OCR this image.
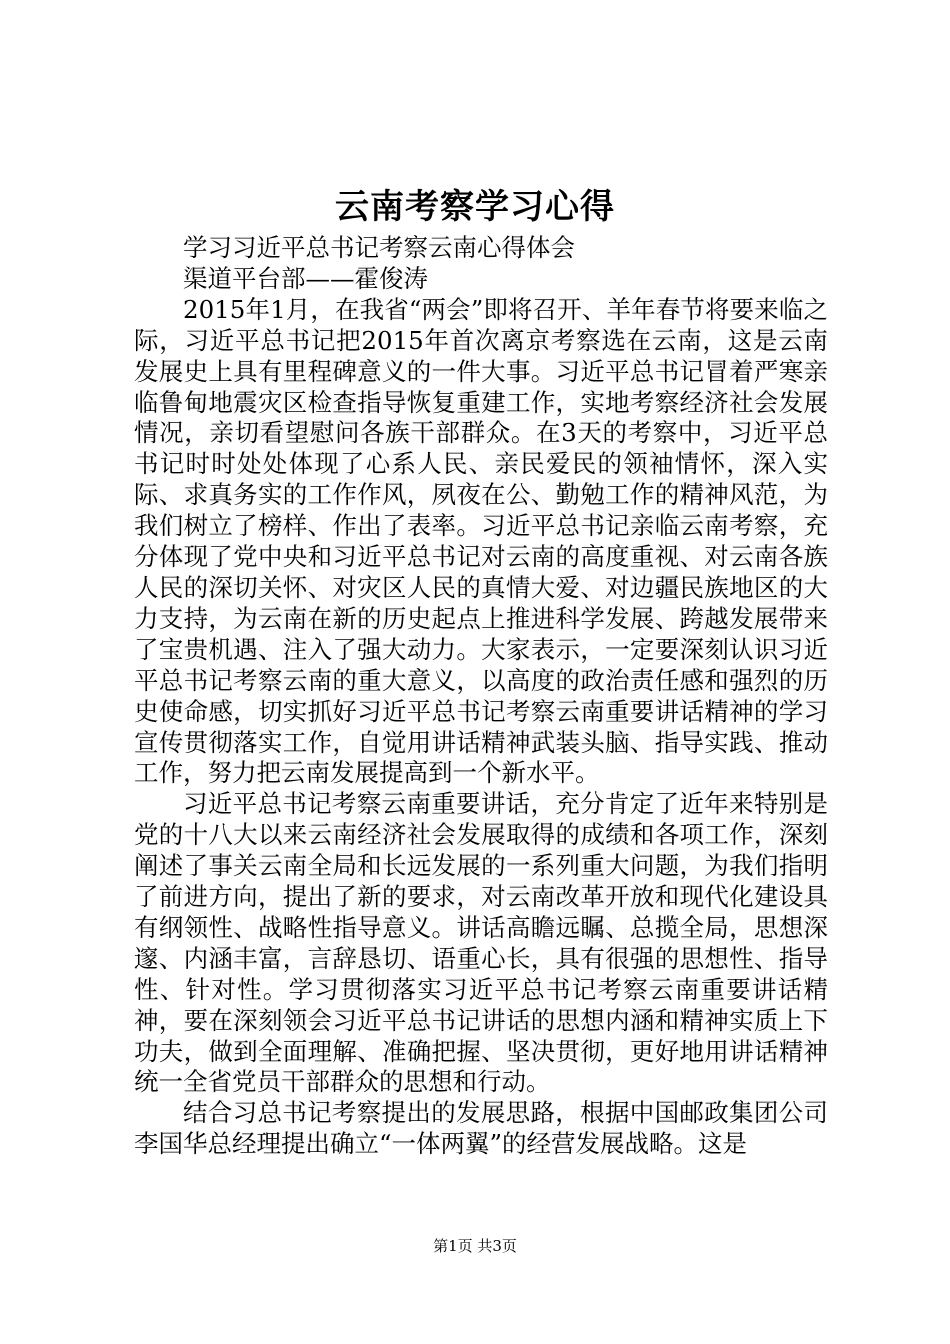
云南考察学习心得

学习习近平总书记考察云南心得体会

渠道平台部——霍俊涛

2015年1月，在我省“两会”即将召开、羊年春节将要来临之际，习近平总书记把2015年首次离京考察选在云南，这是云南发展史上具有里程碑意义的一件大事。习近平总书记冒着严寒亲临鲁甸地震灾区检查指导恢复重建工作，实地考察经济社会发展情况，亲切看望慰问各族干部群众。在3天的考察中，习近平总书记时时处处体现了心系人民、亲民爱民的领袖情怀，深入实际、求真务实的工作作风，夙夜在公、勤勉工作的精神风范，为我们树立了榜样、作出了表率。习近平总书记亲临云南考察，充分体现了党中央和习近平总书记对云南的高度重视、对云南各族人民的深切关怀、对灾区人民的真情大爱、对边疆民族地区的大力支持，为云南在新的历史起点上推进科学发展、跨越发展带来了宝贵机遇、注入了强大动力。大家表示，一定要深刻认识习近平总书记考察云南的重大意义，以高度的政治责任感和强烈的历史使命感，切实抓好习近平总书记考察云南重要讲话精神的学习宣传贯彻落实工作，自觉用讲话精神武装头脑、指导实践、推动工作，努力把云南发展提高到一个新水平。

习近平总书记考察云南重要讲话，充分肯定了近年来特别是党的十八大以来云南经济社会发展取得的成绩和各项工作，深刻阐述了事关云南全局和长远发展的一系列重大问题，为我们指明了前进方向，提出了新的要求，对云南改革开放和现代化建设具有纲领性、战略性指导意义。讲话高瞻远瞩、总揽全局，思想深邃、内涵丰富，言辞恳切、语重心长，具有很强的思想性、指导性、针对性。学习贯彻落实习近平总书记考察云南重要讲话精神，要在深刻领会习近平总书记讲话的思想内涵和精神实质上下功夫，做到全面理解、准确把握、坚决贯彻，更好地用讲话精神统一全省党员干部群众的思想和行动。

结合习总书记考察提出的发展思路，根据中国邮政集团公司李国华总经理提出确立“一体两翼”的经营发展战略。这是

第1页 共3页
